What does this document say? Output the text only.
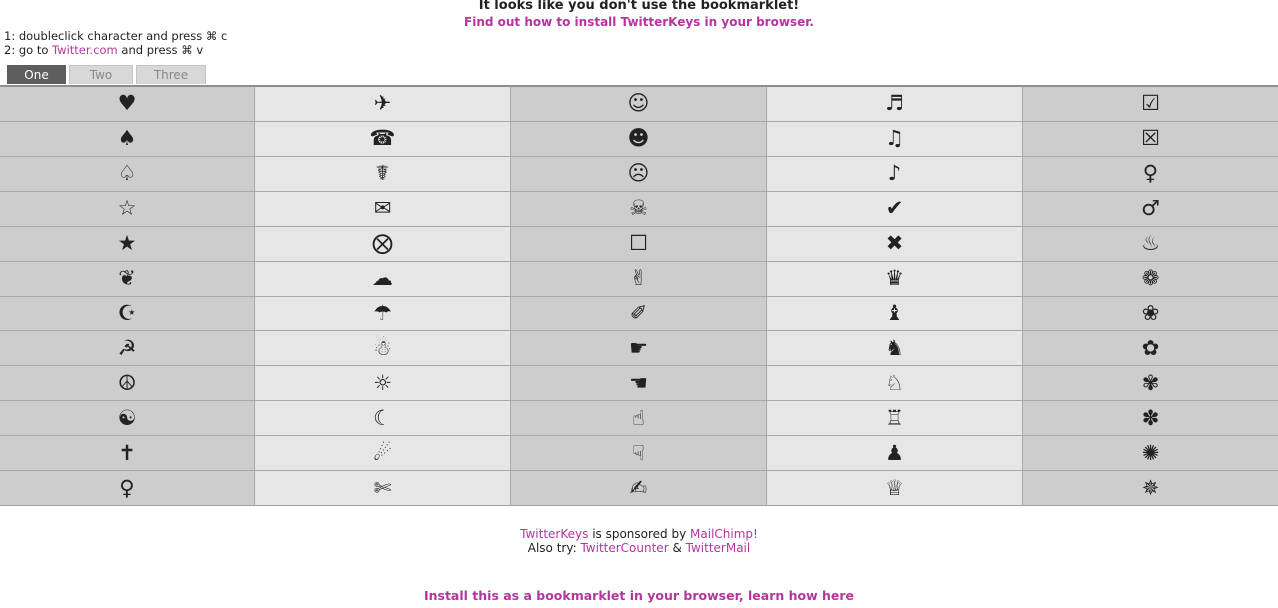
It looks like you don't use the bookmarklet!
Find out how to install TwitterKeys in your browser.
1: doubleclick character and press ⌘ c
2: go to Twitter.com and press ⌘ v
One	Two	Three
♥
♠
♤
☆
★
❦
☪
☭
☮
☯
✝
♀
✈
☎
☤
✉
⨂
☁
☂
☃
☼
☾
☄
✄
☺
☻
☹
☠
☐
✌
✐
☛
☚
☝
☟
✍
♬
♫
♪
✔
✖
♛
♝
♞
♘
♖
♟
♕
☑
☒
♀
♂
♨
❁
❀
✿
✾
✽
✺
✵
TwitterKeys is sponsored by MailChimp!
Also try: TwitterCounter & TwitterMail
Install this as a bookmarklet in your browser, learn how here
